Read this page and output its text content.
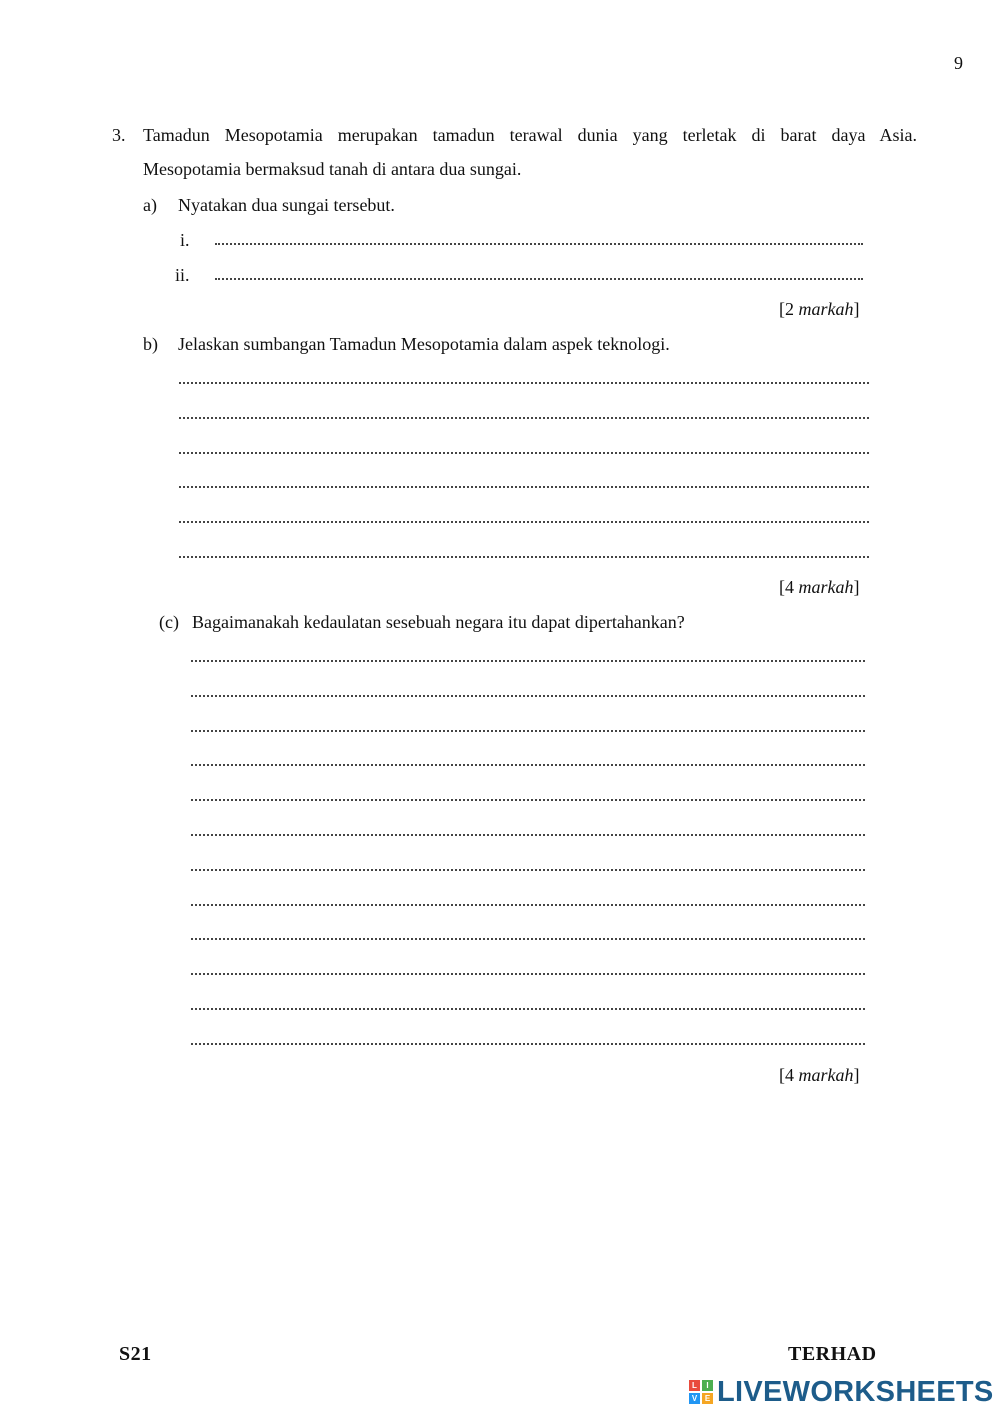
9
3. Tamadun Mesopotamia merupakan tamadun terawal dunia yang terletak di barat daya Asia.
Mesopotamia bermaksud tanah di antara dua sungai.
a) Nyatakan dua sungai tersebut.
i.
ii.
[2 markah]
b) Jelaskan sumbangan Tamadun Mesopotamia dalam aspek teknologi.
[4 markah]
(c) Bagaimanakah kedaulatan sesebuah negara itu dapat dipertahankan?
[4 markah]
S21	TERHAD
L	I
V E LIVEWORKSHEETS
